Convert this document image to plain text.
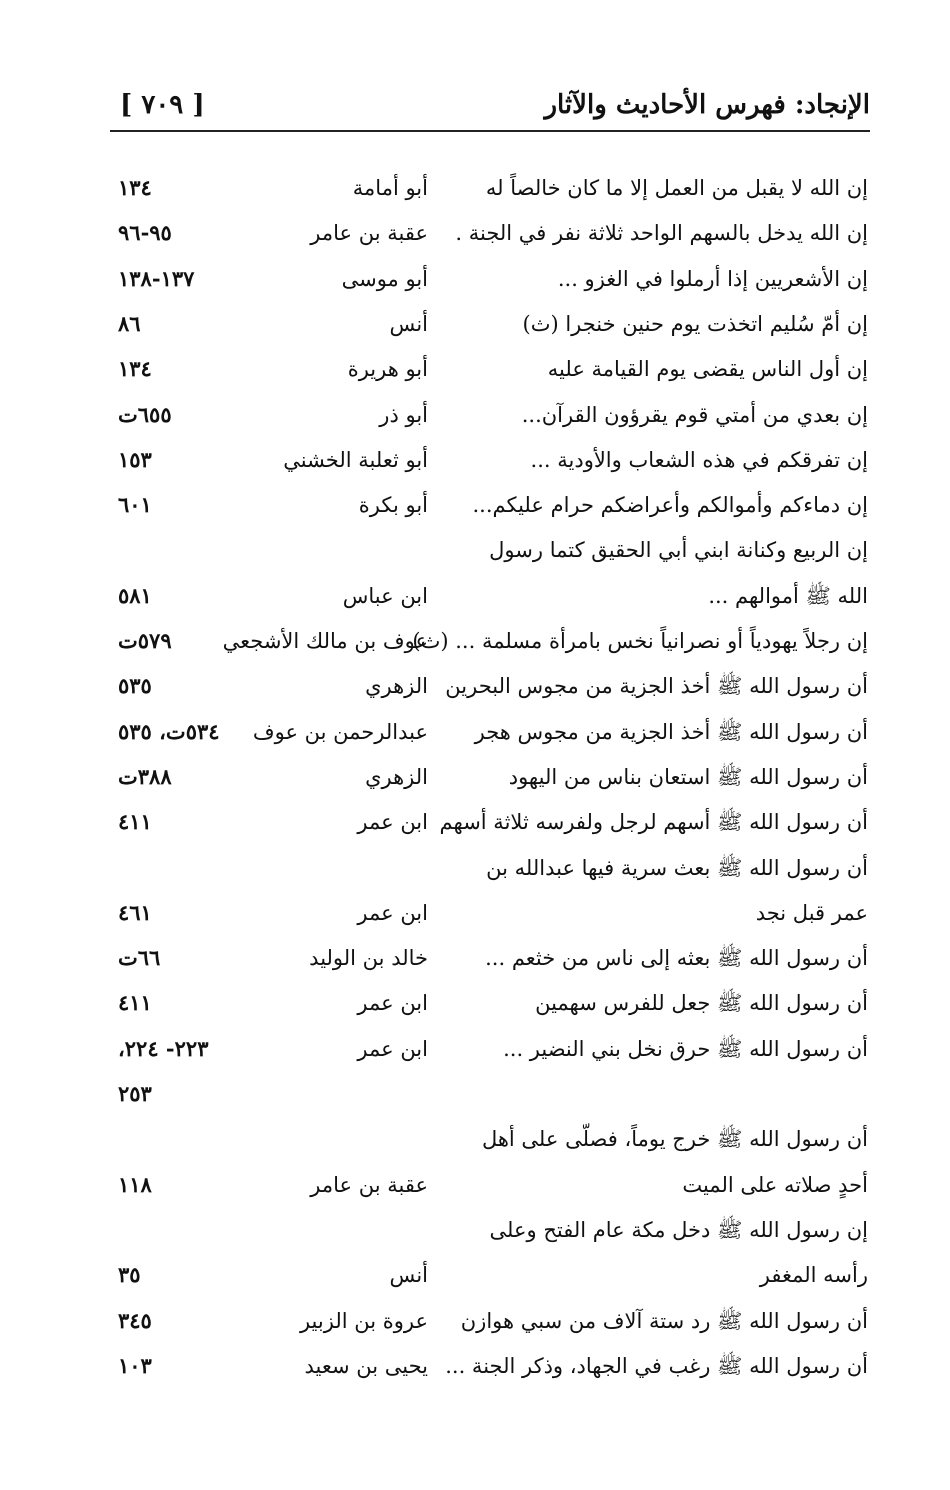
الإنجاد: فهرس الأحاديث والآثار
[ ٧٠٩ ]
إن الله لا يقبل من العمل إلا ما كان خالصاً له
أبو أمامة
١٣٤
إن الله يدخل بالسهم الواحد ثلاثة نفر في الجنة .
عقبة بن عامر
٩٥-٩٦
إن الأشعريين إذا أرملوا في الغزو ...
أبو موسى
١٣٧-١٣٨
إن أمّ سُليم اتخذت يوم حنين خنجرا (ث)
أنس
٨٦
إن أول الناس يقضى يوم القيامة عليه
أبو هريرة
١٣٤
إن بعدي من أمتي قوم يقرؤون القرآن...
أبو ذر
٦٥٥ت
إن تفرقكم في هذه الشعاب والأودية ...
أبو ثعلبة الخشني
١٥٣
إن دماءكم وأموالكم وأعراضكم حرام عليكم...
أبو بكرة
٦٠١
إن الربيع وكنانة ابني أبي الحقيق كتما رسول
الله ﷺ أموالهم ...
ابن عباس
٥٨١
إن رجلاً يهودياً أو نصرانياً نخس بامرأة مسلمة ... (ث)
عوف بن مالك الأشجعي
٥٧٩ت
أن رسول الله ﷺ أخذ الجزية من مجوس البحرين
الزهري
٥٣٥
أن رسول الله ﷺ أخذ الجزية من مجوس هجر
عبدالرحمن بن عوف
٥٣٤ت، ٥٣٥
أن رسول الله ﷺ استعان بناس من اليهود
الزهري
٣٨٨ت
أن رسول الله ﷺ أسهم لرجل ولفرسه ثلاثة أسهم
ابن عمر
٤١١
أن رسول الله ﷺ بعث سرية فيها عبدالله بن
عمر قبل نجد
ابن عمر
٤٦١
أن رسول الله ﷺ بعثه إلى ناس من خثعم ...
خالد بن الوليد
٦٦ت
أن رسول الله ﷺ جعل للفرس سهمين
ابن عمر
٤١١
أن رسول الله ﷺ حرق نخل بني النضير ...
ابن عمر
٢٢٣- ٢٢٤،
٢٥٣
أن رسول الله ﷺ خرج يوماً، فصلّى على أهل
أحدٍ صلاته على الميت
عقبة بن عامر
١١٨
إن رسول الله ﷺ دخل مكة عام الفتح وعلى
رأسه المغفر
أنس
٣٥
أن رسول الله ﷺ رد ستة آلاف من سبي هوازن
عروة بن الزبير
٣٤٥
أن رسول الله ﷺ رغب في الجهاد، وذكر الجنة ...
يحيى بن سعيد
١٠٣
